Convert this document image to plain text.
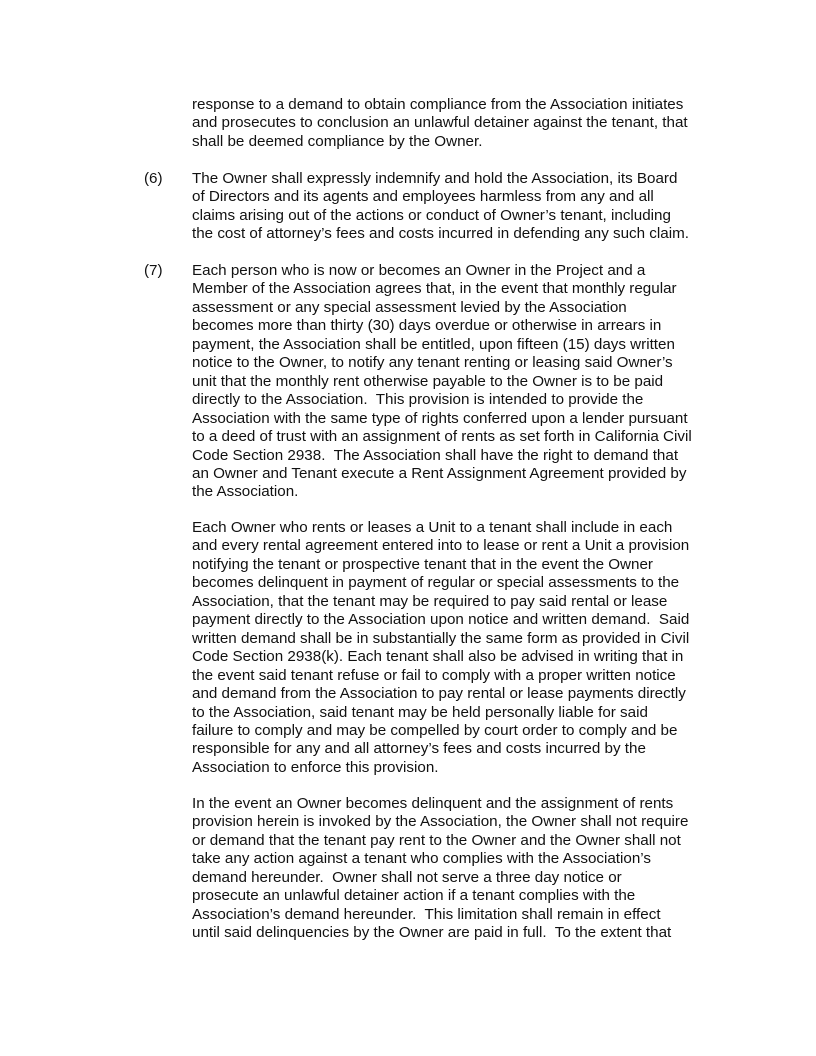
response to a demand to obtain compliance from the Association initiates
and prosecutes to conclusion an unlawful detainer against the tenant, that
shall be deemed compliance by the Owner.

(6) The Owner shall expressly indemnify and hold the Association, its Board
of Directors and its agents and employees harmless from any and all
claims arising out of the actions or conduct of Owner’s tenant, including
the cost of attorney’s fees and costs incurred in defending any such claim.

(7) Each person who is now or becomes an Owner in the Project and a
Member of the Association agrees that, in the event that monthly regular
assessment or any special assessment levied by the Association
becomes more than thirty (30) days overdue or otherwise in arrears in
payment, the Association shall be entitled, upon fifteen (15) days written
notice to the Owner, to notify any tenant renting or leasing said Owner’s
unit that the monthly rent otherwise payable to the Owner is to be paid
directly to the Association.  This provision is intended to provide the
Association with the same type of rights conferred upon a lender pursuant
to a deed of trust with an assignment of rents as set forth in California Civil
Code Section 2938.  The Association shall have the right to demand that
an Owner and Tenant execute a Rent Assignment Agreement provided by
the Association.

Each Owner who rents or leases a Unit to a tenant shall include in each
and every rental agreement entered into to lease or rent a Unit a provision
notifying the tenant or prospective tenant that in the event the Owner
becomes delinquent in payment of regular or special assessments to the
Association, that the tenant may be required to pay said rental or lease
payment directly to the Association upon notice and written demand.  Said
written demand shall be in substantially the same form as provided in Civil
Code Section 2938(k). Each tenant shall also be advised in writing that in
the event said tenant refuse or fail to comply with a proper written notice
and demand from the Association to pay rental or lease payments directly
to the Association, said tenant may be held personally liable for said
failure to comply and may be compelled by court order to comply and be
responsible for any and all attorney’s fees and costs incurred by the
Association to enforce this provision.

In the event an Owner becomes delinquent and the assignment of rents
provision herein is invoked by the Association, the Owner shall not require
or demand that the tenant pay rent to the Owner and the Owner shall not
take any action against a tenant who complies with the Association’s
demand hereunder.  Owner shall not serve a three day notice or
prosecute an unlawful detainer action if a tenant complies with the
Association’s demand hereunder.  This limitation shall remain in effect
until said delinquencies by the Owner are paid in full.  To the extent that
